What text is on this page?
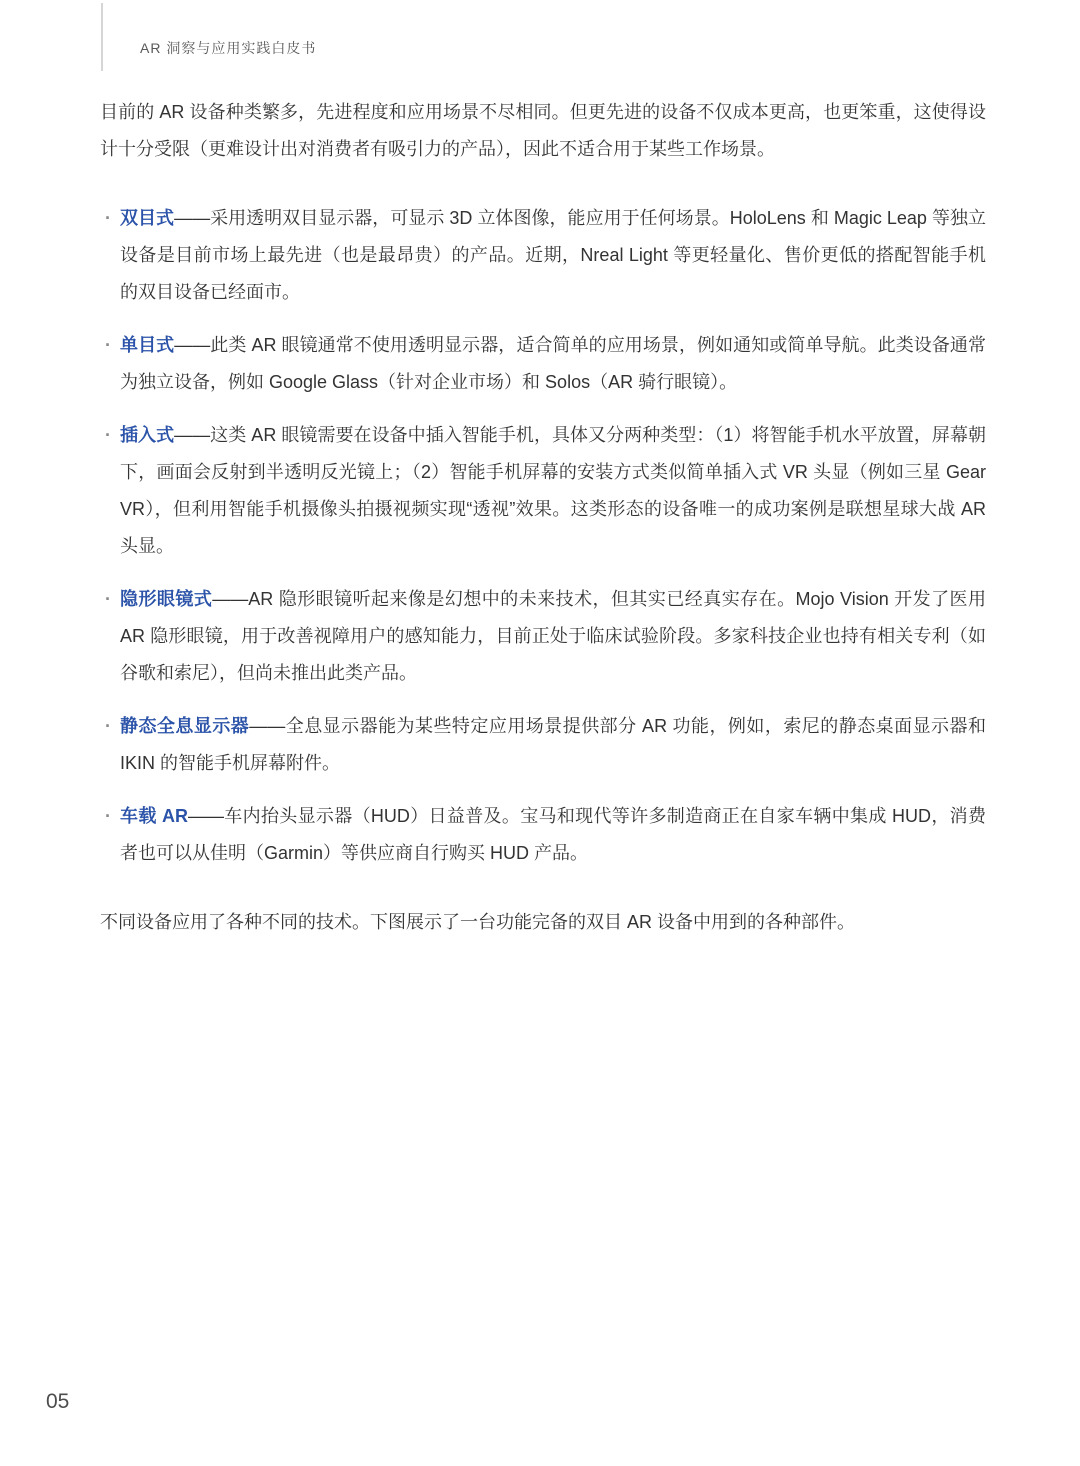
AR 洞察与应用实践白皮书

目前的 AR 设备种类繁多，先进程度和应用场景不尽相同。但更先进的设备不仅成本更高，也更笨重，这使得设计十分受限（更难设计出对消费者有吸引力的产品），因此不适合用于某些工作场景。

· 双目式——采用透明双目显示器，可显示 3D 立体图像，能应用于任何场景。HoloLens 和 Magic Leap 等独立设备是目前市场上最先进（也是最昂贵）的产品。近期，Nreal Light 等更轻量化、售价更低的搭配智能手机的双目设备已经面市。
· 单目式——此类 AR 眼镜通常不使用透明显示器，适合简单的应用场景，例如通知或简单导航。此类设备通常为独立设备，例如 Google Glass（针对企业市场）和 Solos（AR 骑行眼镜）。
· 插入式——这类 AR 眼镜需要在设备中插入智能手机，具体又分两种类型：（1）将智能手机水平放置，屏幕朝下，画面会反射到半透明反光镜上；（2）智能手机屏幕的安装方式类似简单插入式 VR 头显（例如三星 Gear VR），但利用智能手机摄像头拍摄视频实现“透视”效果。这类形态的设备唯一的成功案例是联想星球大战 AR 头显。
· 隐形眼镜式——AR 隐形眼镜听起来像是幻想中的未来技术，但其实已经真实存在。Mojo Vision 开发了医用 AR 隐形眼镜，用于改善视障用户的感知能力，目前正处于临床试验阶段。多家科技企业也持有相关专利（如谷歌和索尼），但尚未推出此类产品。
· 静态全息显示器——全息显示器能为某些特定应用场景提供部分 AR 功能，例如，索尼的静态桌面显示器和 IKIN 的智能手机屏幕附件。
· 车载 AR——车内抬头显示器（HUD）日益普及。宝马和现代等许多制造商正在自家车辆中集成 HUD，消费者也可以从佳明（Garmin）等供应商自行购买 HUD 产品。

不同设备应用了各种不同的技术。下图展示了一台功能完备的双目 AR 设备中用到的各种部件。

05
